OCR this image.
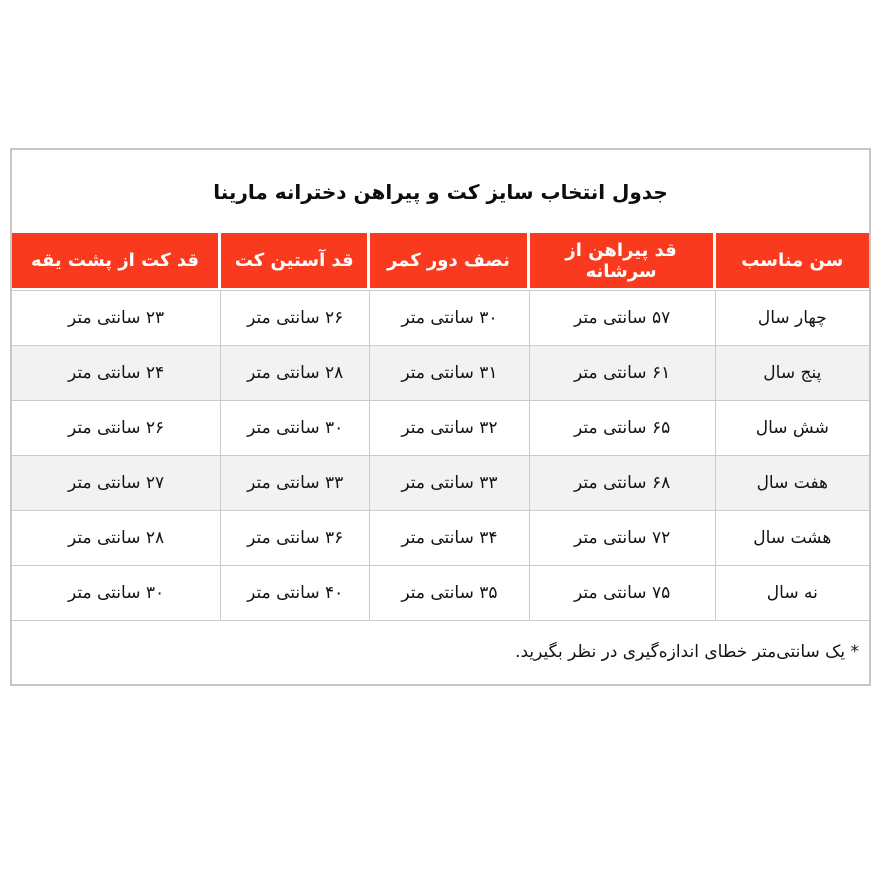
جدول انتخاب سایز کت و پیراهن دخترانه مارینا
سن مناسب	قد پیراهن از سرشانه	نصف دور کمر	قد آستین کت	قد کت از پشت یقه
چهار سال	۵۷ سانتی متر	۳۰ سانتی متر	۲۶ سانتی متر	۲۳ سانتی متر
پنج سال	۶۱ سانتی متر	۳۱ سانتی متر	۲۸ سانتی متر	۲۴ سانتی متر
شش سال	۶۵ سانتی متر	۳۲ سانتی متر	۳۰ سانتی متر	۲۶ سانتی متر
هفت سال	۶۸ سانتی متر	۳۳ سانتی متر	۳۳ سانتی متر	۲۷ سانتی متر
هشت سال	۷۲ سانتی متر	۳۴ سانتی متر	۳۶ سانتی متر	۲۸ سانتی متر
نه سال	۷۵ سانتی متر	۳۵ سانتی متر	۴۰ سانتی متر	۳۰ سانتی متر
* یک سانتی‌متر خطای اندازه‌گیری در نظر بگیرید.				
